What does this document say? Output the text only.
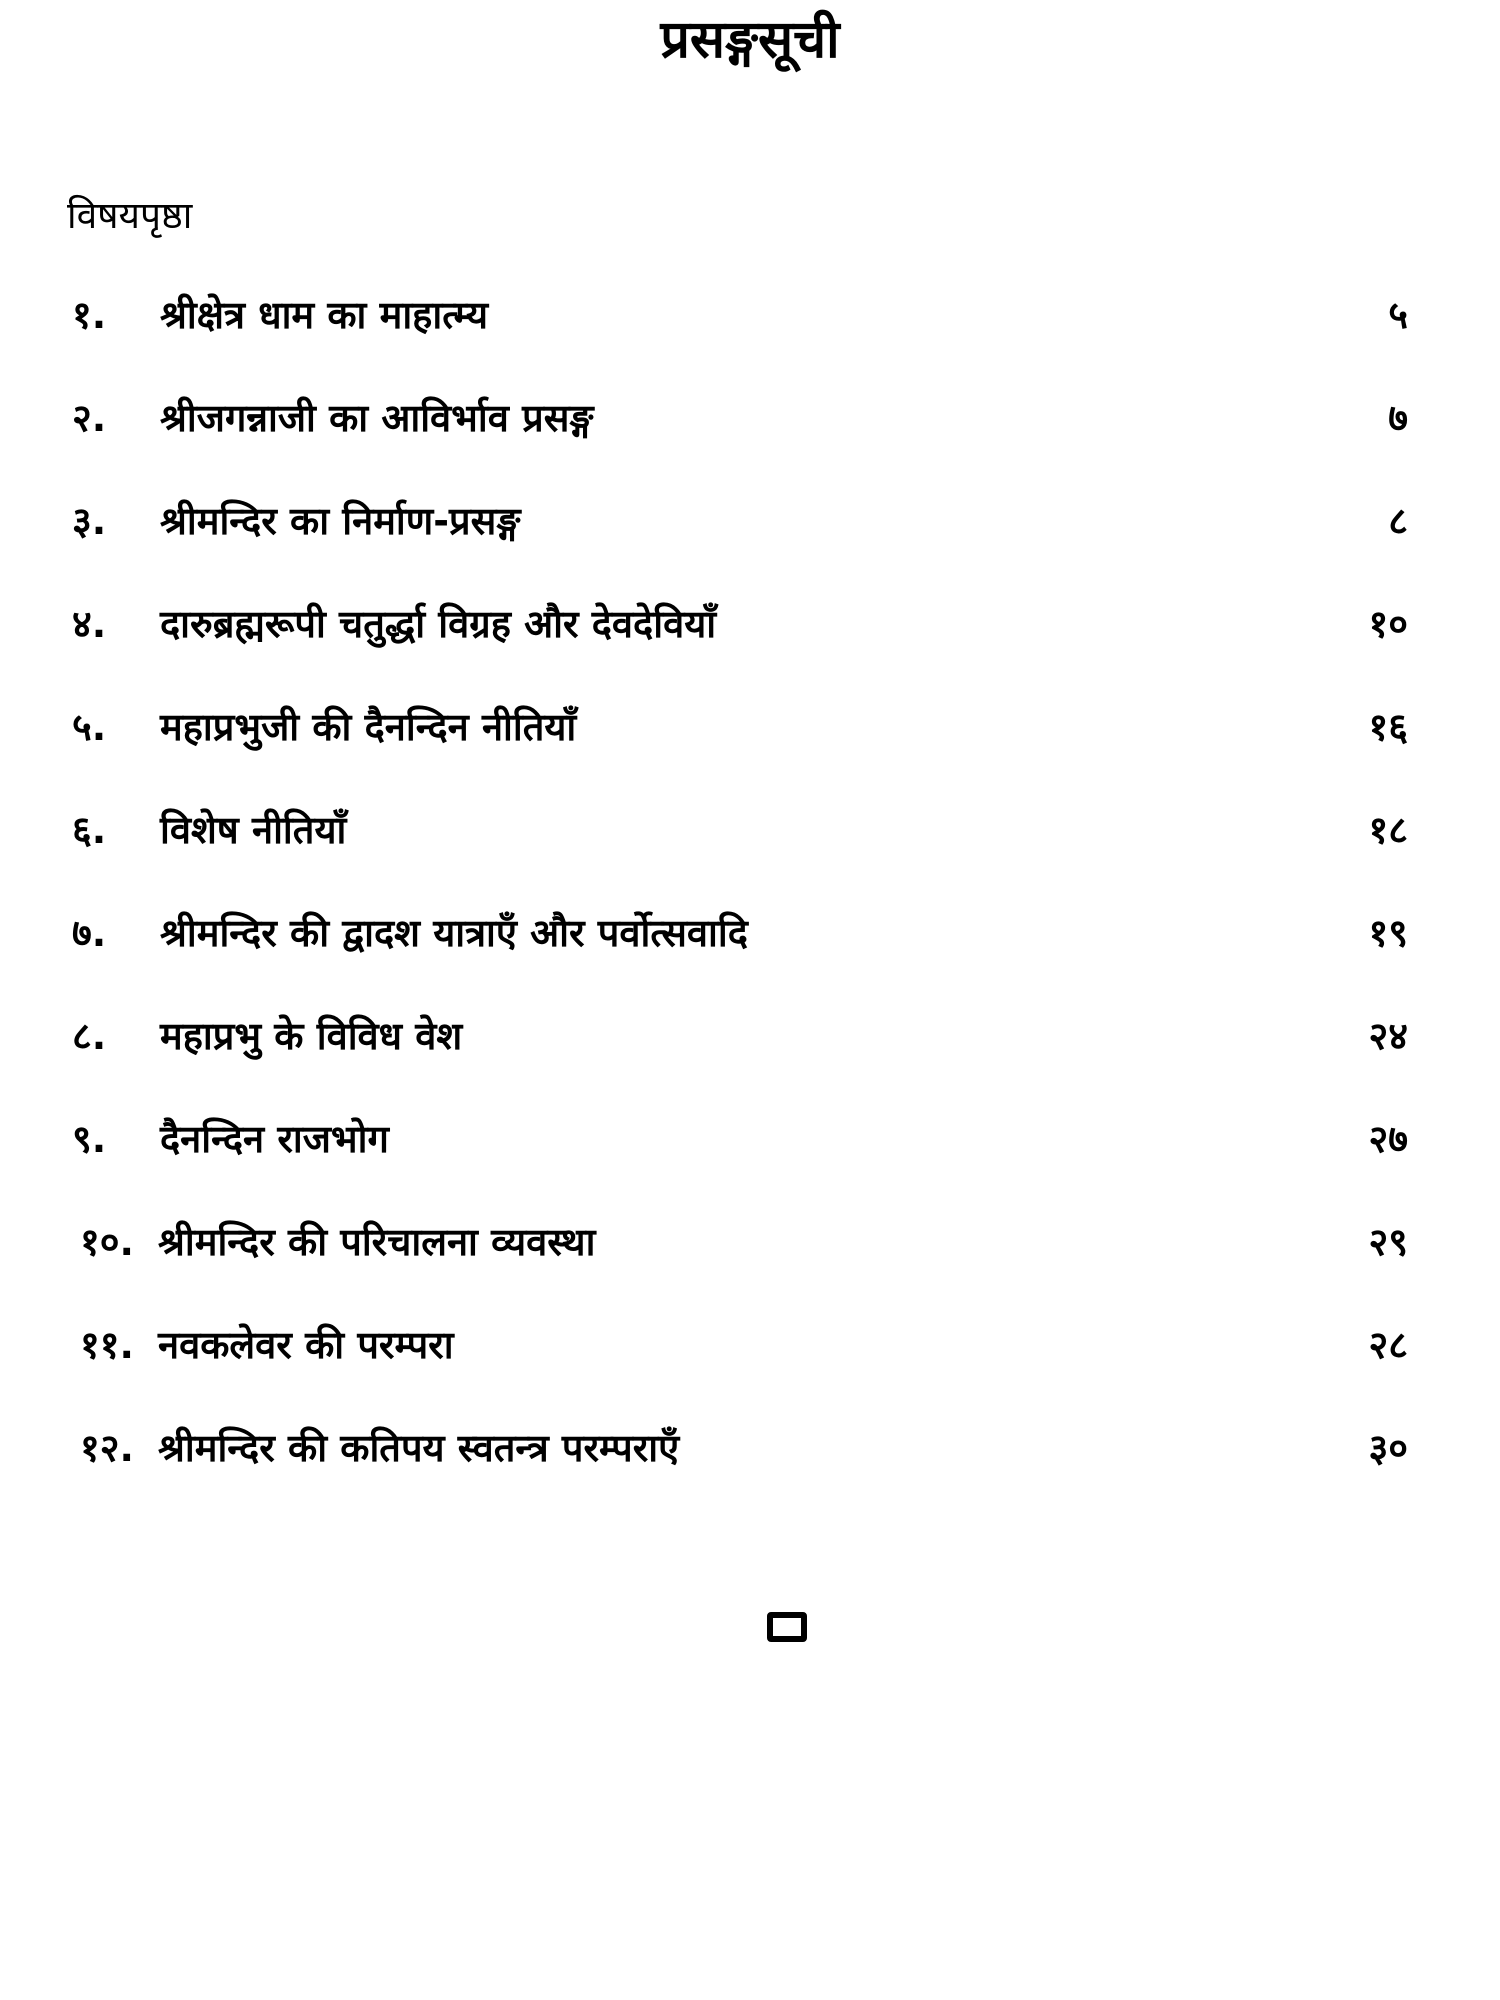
प्रसङ्गसूची
विषयपृष्ठा
१. श्रीक्षेत्र धाम का माहात्म्य	५
२. श्रीजगन्नाजी का आविर्भाव प्रसङ्ग	७
३. श्रीमन्दिर का निर्माण-प्रसङ्ग	८
४. दारुब्रह्मरूपी चतुर्द्धा विग्रह और देवदेवियाँ	१०
५. महाप्रभुजी की दैनन्दिन नीतियाँ	१६
६. विशेष नीतियाँ	१८
७. श्रीमन्दिर की द्वादश यात्राएँ और पर्वोत्सवादि	१९
८. महाप्रभु के विविध वेश	२४
९. दैनन्दिन राजभोग	२७
१०. श्रीमन्दिर की परिचालना व्यवस्था	२९
११. नवकलेवर की परम्परा	२८
१२. श्रीमन्दिर की कतिपय स्वतन्त्र परम्पराएँ	३०
